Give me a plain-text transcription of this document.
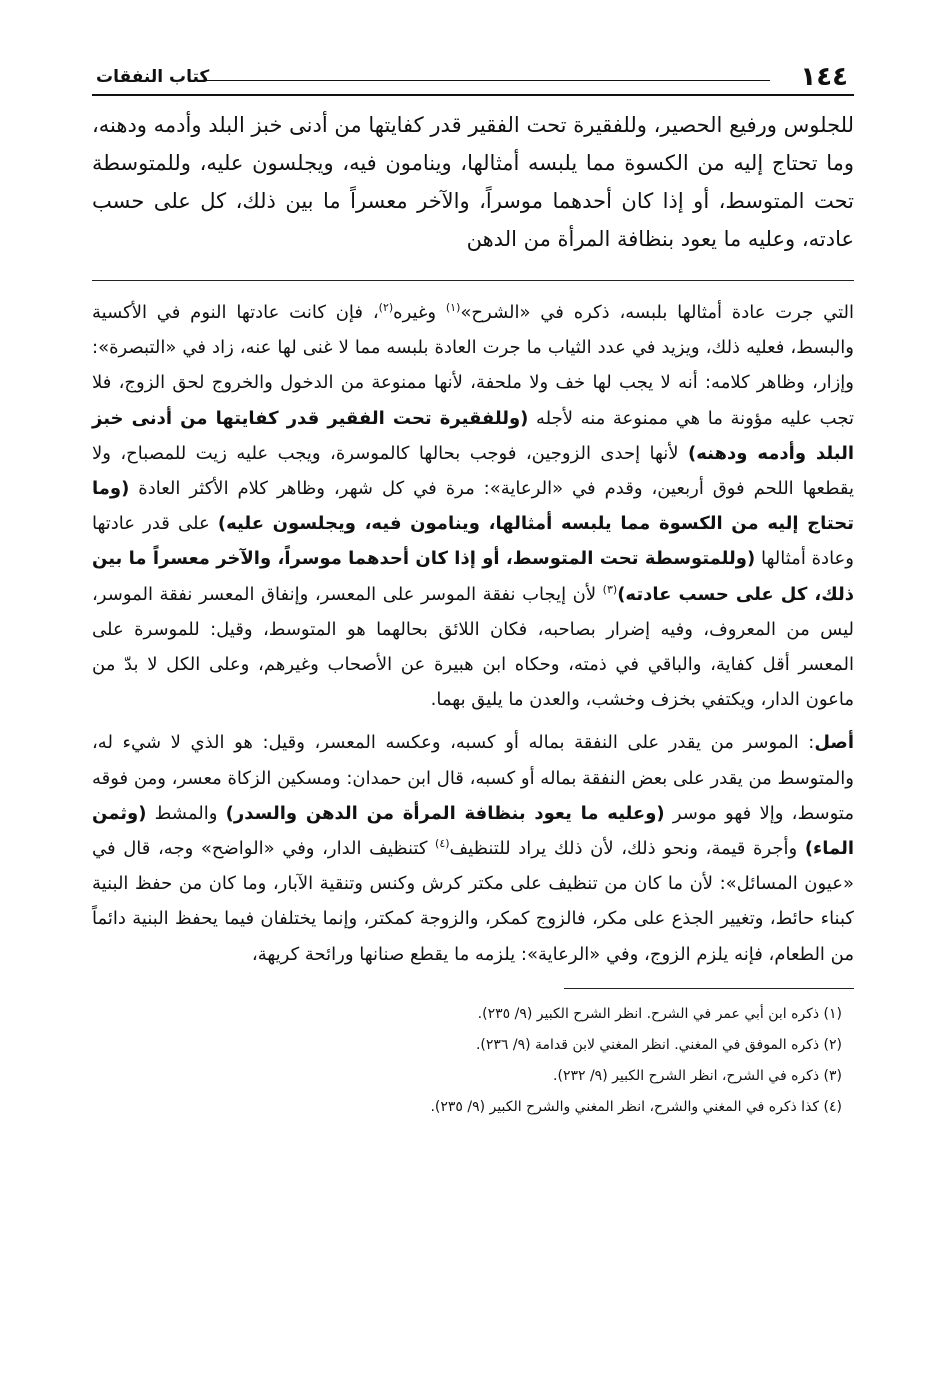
١٤٤
كتاب النفقات
للجلوس ورفيع الحصير، وللفقيرة تحت الفقير قدر كفايتها من أدنى خبز البلد وأدمه ودهنه، وما تحتاج إليه من الكسوة مما يلبسه أمثالها، وينامون فيه، ويجلسون عليه، وللمتوسطة تحت المتوسط، أو إذا كان أحدهما موسراً، والآخر معسراً ما بين ذلك، كل على حسب عادته، وعليه ما يعود بنظافة المرأة من الدهن

التي جرت عادة أمثالها بلبسه، ذكره في «الشرح»$^{(١)}$ وغيره$^{(٢)}$، فإن كانت عادتها النوم في الأكسية والبسط، فعليه ذلك، ويزيد في عدد الثياب ما جرت العادة بلبسه مما لا غنى لها عنه، زاد في «التبصرة»: وإزار، وظاهر كلامه: أنه لا يجب لها خف ولا ملحفة، لأنها ممنوعة من الدخول والخروج لحق الزوج، فلا تجب عليه مؤونة ما هي ممنوعة منه لأجله (وللفقيرة تحت الفقير قدر كفايتها من أدنى خبز البلد وأدمه ودهنه) لأنها إحدى الزوجين، فوجب بحالها كالموسرة، ويجب عليه زيت للمصباح، ولا يقطعها اللحم فوق أربعين، وقدم في «الرعاية»: مرة في كل شهر، وظاهر كلام الأكثر العادة (وما تحتاج إليه من الكسوة مما يلبسه أمثالها، وينامون فيه، ويجلسون عليه) على قدر عادتها وعادة أمثالها (وللمتوسطة تحت المتوسط، أو إذا كان أحدهما موسراً، والآخر معسراً ما بين ذلك، كل على حسب عادته)$^{(٣)}$ لأن إيجاب نفقة الموسر على المعسر، وإنفاق المعسر نفقة الموسر، ليس من المعروف، وفيه إضرار بصاحبه، فكان اللائق بحالهما هو المتوسط، وقيل: للموسرة على المعسر أقل كفاية، والباقي في ذمته، وحكاه ابن هبيرة عن الأصحاب وغيرهم، وعلى الكل لا بدّ من ماعون الدار، ويكتفي بخزف وخشب، والعدن ما يليق بهما.

أصل: الموسر من يقدر على النفقة بماله أو كسبه، وعكسه المعسر، وقيل: هو الذي لا شيء له، والمتوسط من يقدر على بعض النفقة بماله أو كسبه، قال ابن حمدان: ومسكين الزكاة معسر، ومن فوقه متوسط، وإلا فهو موسر (وعليه ما يعود بنظافة المرأة من الدهن والسدر) والمشط (وثمن الماء) وأجرة قيمة، ونحو ذلك، لأن ذلك يراد للتنظيف$^{(٤)}$ كتنظيف الدار، وفي «الواضح» وجه، قال في «عيون المسائل»: لأن ما كان من تنظيف على مكتر كرش وكنس وتنقية الآبار، وما كان من حفظ البنية كبناء حائط، وتغيير الجذع على مكر، فالزوج كمكر، والزوجة كمكتر، وإنما يختلفان فيما يحفظ البنية دائماً من الطعام، فإنه يلزم الزوج، وفي «الرعاية»: يلزمه ما يقطع صنانها ورائحة كريهة،

(١) ذكره ابن أبي عمر في الشرح. انظر الشرح الكبير (٩/ ٢٣٥).
(٢) ذكره الموفق في المغني. انظر المغني لابن قدامة (٩/ ٢٣٦).
(٣) ذكره في الشرح، انظر الشرح الكبير (٩/ ٢٣٢).
(٤) كذا ذكره في المغني والشرح، انظر المغني والشرح الكبير (٩/ ٢٣٥).
